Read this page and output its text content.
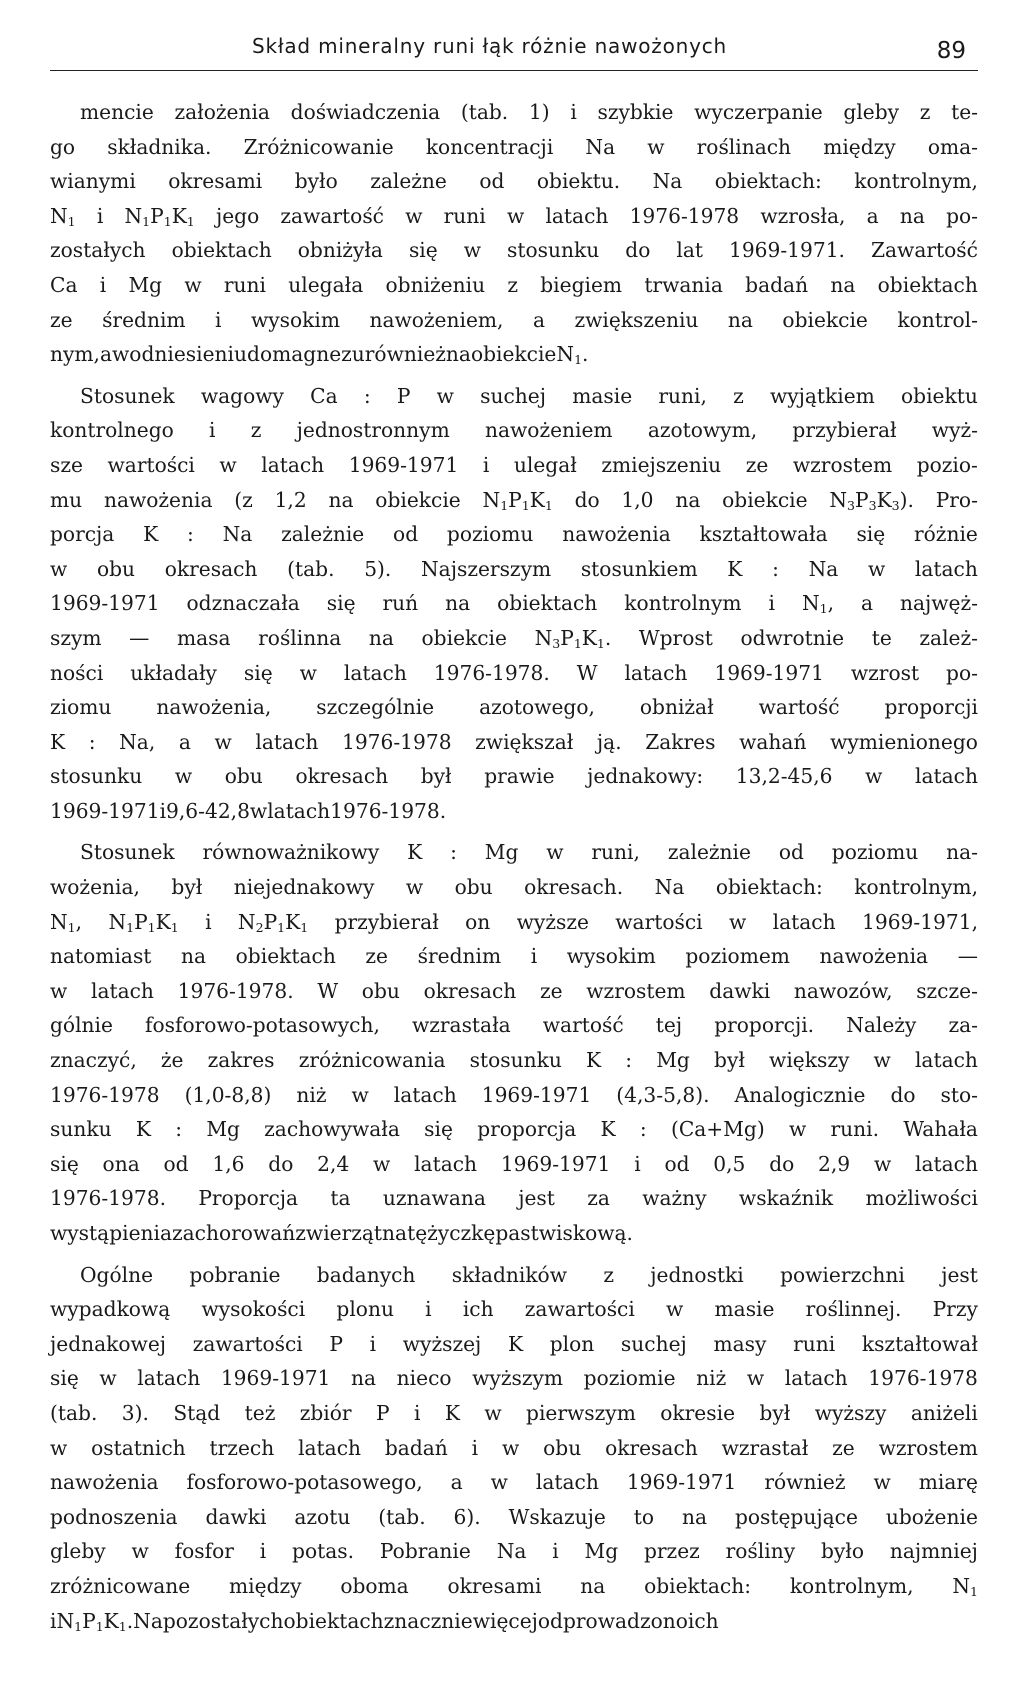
Skład mineralny runi łąk różnie nawożonych	89
mencie założenia doświadczenia (tab. 1) i szybkie wyczerpanie gleby z te-
go składnika. Zróżnicowanie koncentracji Na w roślinach między oma-
wianymi okresami było zależne od obiektu. Na obiektach: kontrolnym,
$N_1$ i $N_1P_1K_1$ jego zawartość w runi w latach 1976-1978 wzrosła, a na po-
zostałych obiektach obniżyła się w stosunku do lat 1969-1971. Zawartość
Ca i Mg w runi ulegała obniżeniu z biegiem trwania badań na obiektach
ze średnim i wysokim nawożeniem, a zwiększeniu na obiekcie kontrol-
nym, a w odniesieniu do magnezu również na obiekcie $N_1$.
Stosunek wagowy Ca : P w suchej masie runi, z wyjątkiem obiektu
kontrolnego i z jednostronnym nawożeniem azotowym, przybierał wyż-
sze wartości w latach 1969-1971 i ulegał zmiejszeniu ze wzrostem pozio-
mu nawożenia (z 1,2 na obiekcie $N_1P_1K_1$ do 1,0 na obiekcie $N_3P_3K_3$). Pro-
porcja K : Na zależnie od poziomu nawożenia kształtowała się różnie
w obu okresach (tab. 5). Najszerszym stosunkiem K : Na w latach
1969-1971 odznaczała się ruń na obiektach kontrolnym i $N_1$, a najwęż-
szym — masa roślinna na obiekcie $N_3P_1K_1$. Wprost odwrotnie te zależ-
ności układały się w latach 1976-1978. W latach 1969-1971 wzrost po-
ziomu nawożenia, szczególnie azotowego, obniżał wartość proporcji
K : Na, a w latach 1976-1978 zwiększał ją. Zakres wahań wymienionego
stosunku w obu okresach był prawie jednakowy: 13,2-45,6 w latach
1969-1971 i 9,6-42,8 w latach 1976-1978.
Stosunek równoważnikowy K : Mg w runi, zależnie od poziomu na-
wożenia, był niejednakowy w obu okresach. Na obiektach: kontrolnym,
$N_1$, $N_1P_1K_1$ i $N_2P_1K_1$ przybierał on wyższe wartości w latach 1969-1971,
natomiast na obiektach ze średnim i wysokim poziomem nawożenia —
w latach 1976-1978. W obu okresach ze wzrostem dawki nawozów, szcze-
gólnie fosforowo-potasowych, wzrastała wartość tej proporcji. Należy za-
znaczyć, że zakres zróżnicowania stosunku K : Mg był większy w latach
1976-1978 (1,0-8,8) niż w latach 1969-1971 (4,3-5,8). Analogicznie do sto-
sunku K : Mg zachowywała się proporcja K : (Ca+Mg) w runi. Wahała
się ona od 1,6 do 2,4 w latach 1969-1971 i od 0,5 do 2,9 w latach
1976-1978. Proporcja ta uznawana jest za ważny wskaźnik możliwości
wystąpienia zachorowań zwierząt na tężyczkę pastwiskową.
Ogólne pobranie badanych składników z jednostki powierzchni jest
wypadkową wysokości plonu i ich zawartości w masie roślinnej. Przy
jednakowej zawartości P i wyższej K plon suchej masy runi kształtował
się w latach 1969-1971 na nieco wyższym poziomie niż w latach 1976-1978
(tab. 3). Stąd też zbiór P i K w pierwszym okresie był wyższy aniżeli
w ostatnich trzech latach badań i w obu okresach wzrastał ze wzrostem
nawożenia fosforowo-potasowego, a w latach 1969-1971 również w miarę
podnoszenia dawki azotu (tab. 6). Wskazuje to na postępujące ubożenie
gleby w fosfor i potas. Pobranie Na i Mg przez rośliny było najmniej
zróżnicowane między oboma okresami na obiektach: kontrolnym, $N_1$
i $N_1P_1K_1$. Na pozostałych obiektach znacznie więcej odprowadzono ich
